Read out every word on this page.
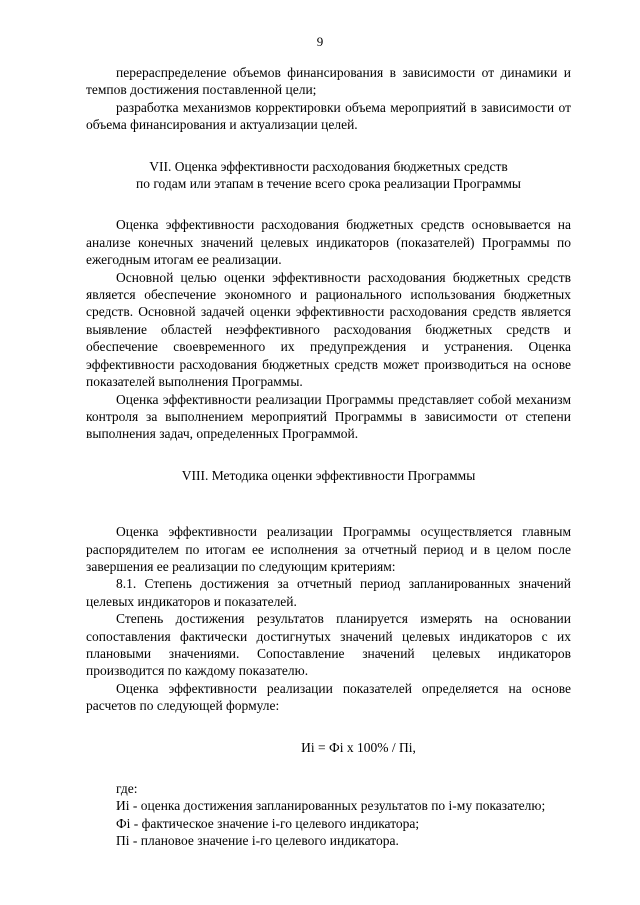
9

перераспределение объемов финансирования в зависимости от динамики и темпов достижения поставленной цели;

разработка механизмов корректировки объема мероприятий в зависимости от объема финансирования и актуализации целей.

VII. Оценка эффективности расходования бюджетных средств
по годам или этапам в течение всего срока реализации Программы

Оценка эффективности расходования бюджетных средств основывается на анализе конечных значений целевых индикаторов (показателей) Программы по ежегодным итогам ее реализации.

Основной целью оценки эффективности расходования бюджетных средств является обеспечение экономного и рационального использования бюджетных средств. Основной задачей оценки эффективности расходования средств является выявление областей неэффективного расходования бюджетных средств и обеспечение своевременного их предупреждения и устранения. Оценка эффективности расходования бюджетных средств может производиться на основе показателей выполнения Программы.

Оценка эффективности реализации Программы представляет собой механизм контроля за выполнением мероприятий Программы в зависимости от степени выполнения задач, определенных Программой.

VIII. Методика оценки эффективности Программы

Оценка эффективности реализации Программы осуществляется главным распорядителем по итогам ее исполнения за отчетный период и в целом после завершения ее реализации по следующим критериям:

8.1. Степень достижения за отчетный период запланированных значений целевых индикаторов и показателей.

Степень достижения результатов планируется измерять на основании сопоставления фактически достигнутых значений целевых индикаторов с их плановыми значениями. Сопоставление значений целевых индикаторов производится по каждому показателю.

Оценка эффективности реализации показателей определяется на основе расчетов по следующей формуле:

Иi = Фi х 100% / Пi,

где:

Иi - оценка достижения запланированных результатов по i-му показателю;

Фi - фактическое значение i-го целевого индикатора;

Пi - плановое значение i-го целевого индикатора.
